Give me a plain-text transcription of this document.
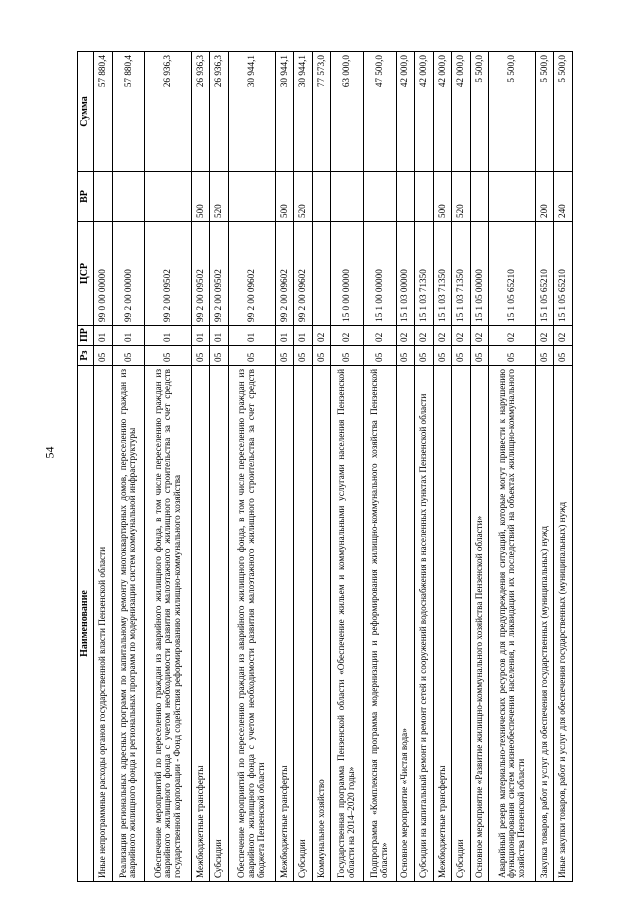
54
Наименование	Рз	ПР	ЦСР	ВР	Сумма
Иные непрограммные расходы органов государственной власти Пензенской области	05	01	99 0 00 00000		57 880,4
Реализация региональных адресных программ по капитальному ремонту многоквартирных домов, переселению граждан из аварийного жилищного фонда и региональных программ по модернизации систем коммунальной инфраструктуры	05	01	99 2 00 00000		57 880,4
Обеспечение мероприятий по переселению граждан из аварийного жилищного фонда, в том числе переселению граждан из аварийного жилищного фонда с учетом необходимости развития малоэтажного жилищного строительства за счет средств государственной корпорации - Фонд содействия реформированию жилищно-коммунального хозяйства	05	01	99 2 00 09502		26 936,3
Межбюджетные трансферты	05	01	99 2 00 09502	500	26 936,3
Субсидии	05	01	99 2 00 09502	520	26 936,3
Обеспечение мероприятий по переселению граждан из аварийного жилищного фонда, в том числе переселению граждан из аварийного жилищного фонда с учетом необходимости развития малоэтажного жилищного строительства за счет средств бюджета Пензенской области	05	01	99 2 00 09602		30 944,1
Межбюджетные трансферты	05	01	99 2 00 09602	500	30 944,1
Субсидии	05	01	99 2 00 09602	520	30 944,1
Коммунальное хозяйство	05	02			77 573,0
Государственная программа Пензенской области «Обеспечение жильем и коммунальными услугами населения Пензенской области на 2014–2020 годы»	05	02	15 0 00 00000		63 000,0
Подпрограмма «Комплексная программа модернизации и реформирования жилищно-коммунального хозяйства Пензенской области»	05	02	15 1 00 00000		47 500,0
Основное мероприятие «Чистая вода»	05	02	15 1 03 00000		42 000,0
Субсидии на капитальный ремонт и ремонт сетей и сооружений водоснабжения в населенных пунктах Пензенской области	05	02	15 1 03 71350		42 000,0
Межбюджетные трансферты	05	02	15 1 03 71350	500	42 000,0
Субсидии	05	02	15 1 03 71350	520	42 000,0
Основное мероприятие «Развитие жилищно-коммунального хозяйства Пензенской области»	05	02	15 1 05 00000		5 500,0
Аварийный резерв материально-технических ресурсов для предупреждения ситуаций, которые могут привести к нарушению функционирования систем жизнеобеспечения населения, и ликвидации их последствий на объектах жилищно-коммунального хозяйства Пензенской области	05	02	15 1 05 65210		5 500,0
Закупка товаров, работ и услуг для обеспечения государственных (муниципальных) нужд	05	02	15 1 05 65210	200	5 500,0
Иные закупки товаров, работ и услуг для обеспечения государственных (муниципальных) нужд	05	02	15 1 05 65210	240	5 500,0
